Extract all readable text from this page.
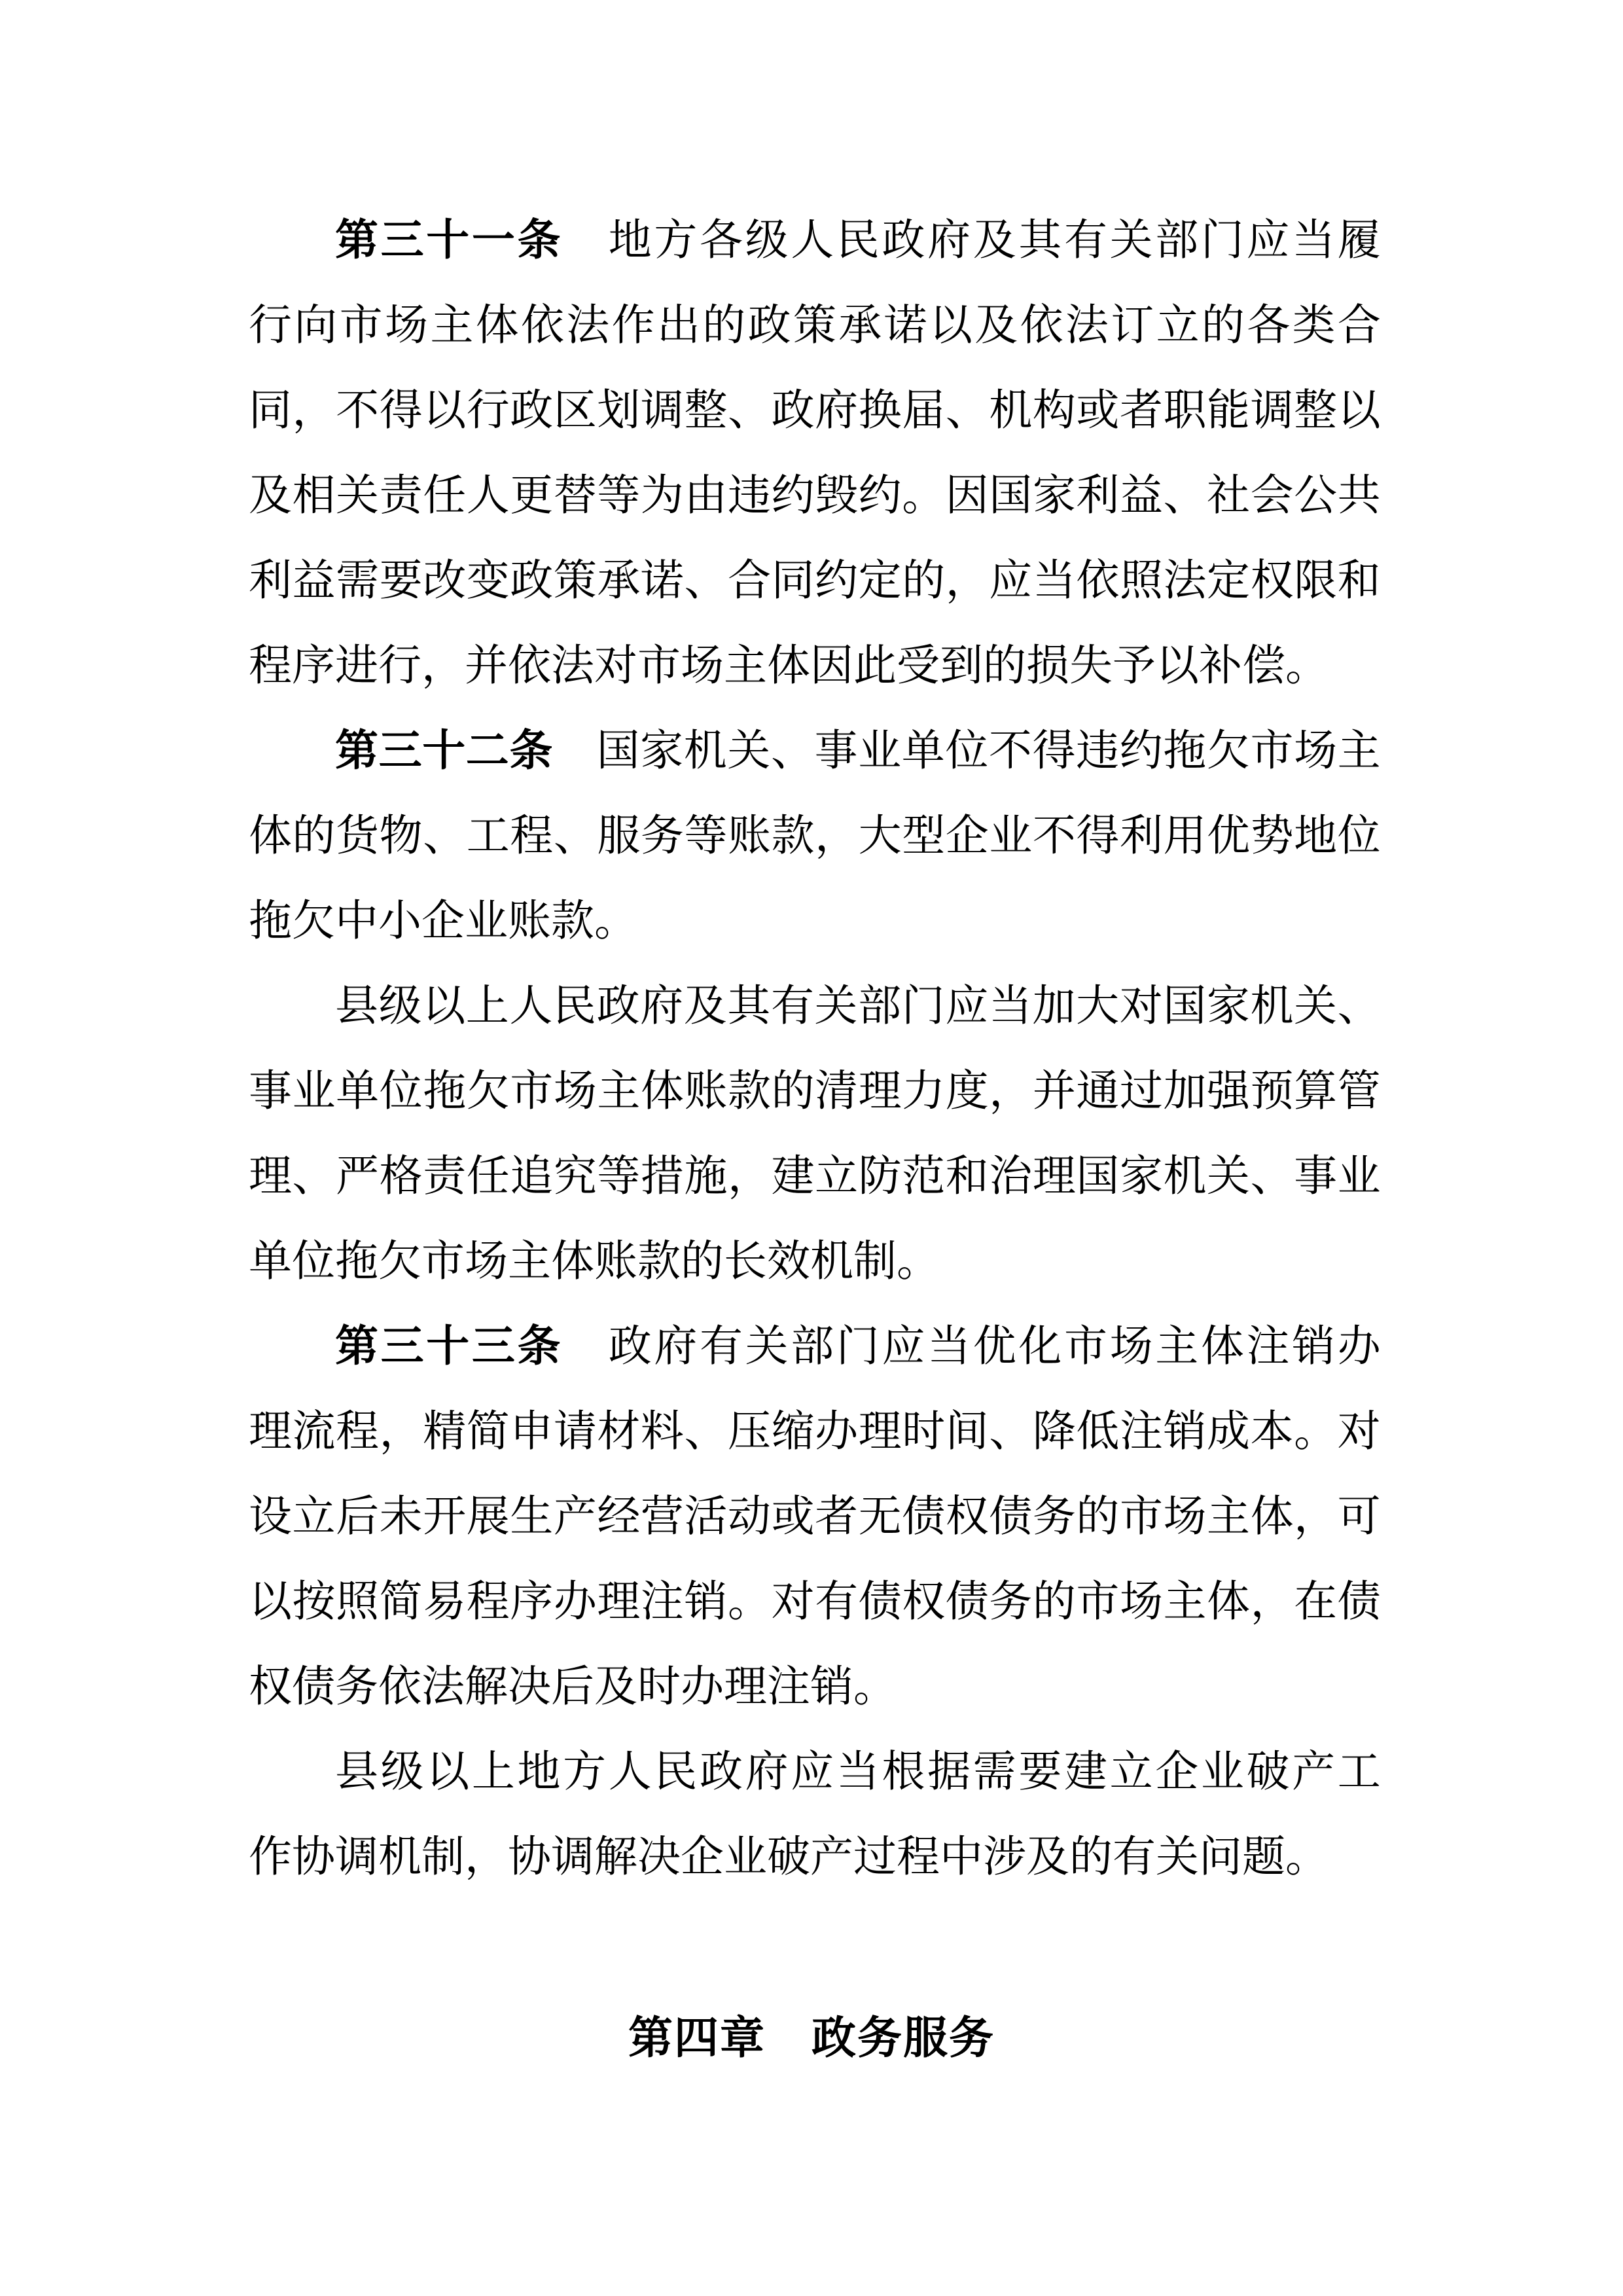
第 三 十 一 条
　 地 方 各 级 人 民 政 府 及 其 有 关 部 门 应 当 履
行 向 市 场 主 体 依 法 作 出 的 政 策 承 诺 以 及 依 法 订 立 的 各 类 合
同 ， 不 得 以 行 政 区 划 调 整 、 政 府 换 届 、 机 构 或 者 职 能 调 整 以
及 相 关 责 任 人 更 替 等 为 由 违 约 毁 约 。 因 国 家 利 益 、 社 会 公 共
利 益 需 要 改 变 政 策 承 诺 、 合 同 约 定 的 ， 应 当 依 照 法 定 权 限 和
程 序 进 行 ， 并 依 法 对 市 场 主 体 因 此 受 到 的 损 失 予 以 补 偿 。
第 三 十 二 条
　 国 家 机 关 、 事 业 单 位 不 得 违 约 拖 欠 市 场 主
体 的 货 物 、 工 程 、 服 务 等 账 款 ， 大 型 企 业 不 得 利 用 优 势 地 位
拖 欠 中 小 企 业 账 款 。
县 级 以 上 人 民 政 府 及 其 有 关 部 门 应 当 加 大 对 国 家 机 关 、
事 业 单 位 拖 欠 市 场 主 体 账 款 的 清 理 力 度 ， 并 通 过 加 强 预 算 管
理 、 严 格 责 任 追 究 等 措 施 ， 建 立 防 范 和 治 理 国 家 机 关 、 事 业
单 位 拖 欠 市 场 主 体 账 款 的 长 效 机 制 。
第 三 十 三 条
　 政 府 有 关 部 门 应 当 优 化 市 场 主 体 注 销 办
理 流 程 ， 精 简 申 请 材 料 、 压 缩 办 理 时 间 、 降 低 注 销 成 本 。 对
设 立 后 未 开 展 生 产 经 营 活 动 或 者 无 债 权 债 务 的 市 场 主 体 ， 可
以 按 照 简 易 程 序 办 理 注 销 。 对 有 债 权 债 务 的 市 场 主 体 ， 在 债
权 债 务 依 法 解 决 后 及 时 办 理 注 销 。
县 级 以 上 地 方 人 民 政 府 应 当 根 据 需 要 建 立 企 业 破 产 工
作 协 调 机 制 ， 协 调 解 决 企 业 破 产 过 程 中 涉 及 的 有 关 问 题 。
第四章　政务服务
